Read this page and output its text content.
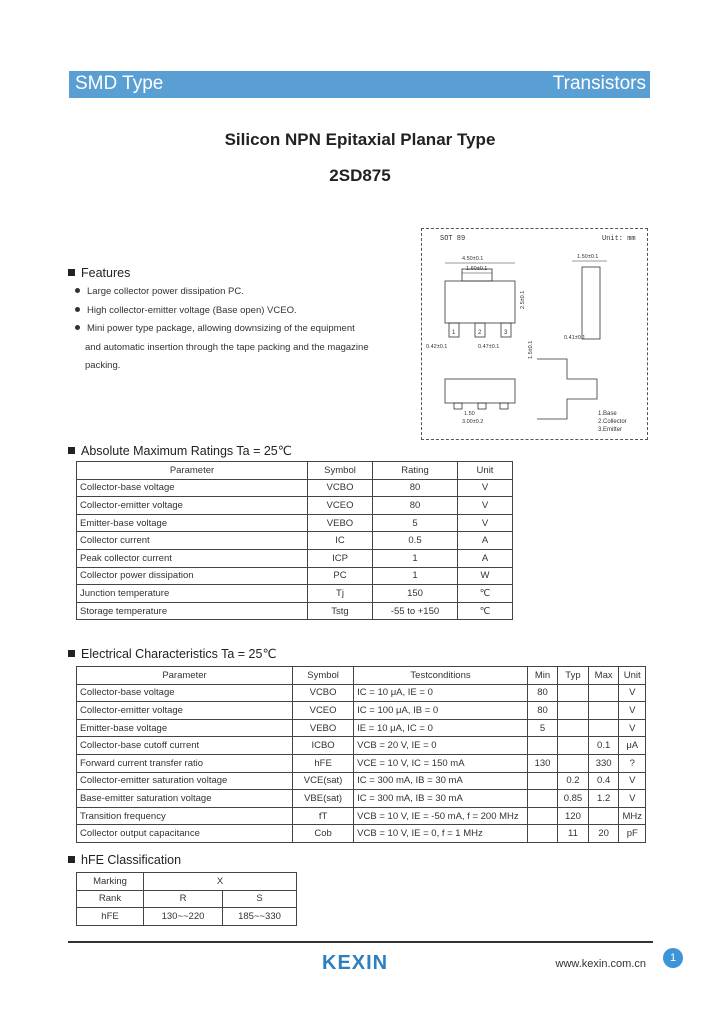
SMD Type	Transistors
Silicon NPN Epitaxial Planar Type
2SD875
Features
Large collector power dissipation PC.
High collector-emitter voltage (Base open) VCEO.
Mini power type package, allowing downsizing of the equipment
and automatic insertion through the tape packing and the magazine
packing.
SOT 89	Unit: mm
4.50±0.1
1.60±0.1
2.5±0.1
1.5±0.1
0.42±0.1	0.47±0.1
1	2	3
1.50±0.1
0.41±0.1
1.50
3.00±0.2
1.Base
2.Collector
3.Emitter
Absolute Maximum Ratings Ta = 25℃
Parameter	Symbol	Rating	Unit
Collector-base voltage	VCBO	80	V
Collector-emitter voltage	VCEO	80	V
Emitter-base voltage	VEBO	5	V
Collector current	IC	0.5	A
Peak collector current	ICP	1	A
Collector power dissipation	PC	1	W
Junction temperature	Tj	150	℃
Storage temperature	Tstg	-55 to +150	℃
Electrical Characteristics Ta = 25℃
Parameter	Symbol	Testconditions	Min	Typ	Max	Unit
Collector-base voltage	VCBO	IC = 10 μA, IE = 0	80			V
Collector-emitter voltage	VCEO	IC = 100 μA, IB = 0	80			V
Emitter-base voltage	VEBO	IE = 10 μA, IC = 0	5			V
Collector-base cutoff current	ICBO	VCB = 20 V, IE = 0			0.1	μA
Forward current transfer ratio	hFE	VCE = 10 V, IC = 150 mA	130		330	?
Collector-emitter saturation voltage	VCE(sat)	IC = 300 mA, IB = 30 mA		0.2	0.4	V
Base-emitter saturation voltage	VBE(sat)	IC = 300 mA, IB = 30 mA		0.85	1.2	V
Transition frequency	fT	VCB = 10 V, IE = -50 mA, f = 200 MHz		120		MHz
Collector output capacitance	Cob	VCB = 10 V, IE = 0, f = 1 MHz		11	20	pF
hFE Classification
Marking	X	
Rank	R	S
hFE	130~~220	185~~330
KEXIN	www.kexin.com.cn	1
